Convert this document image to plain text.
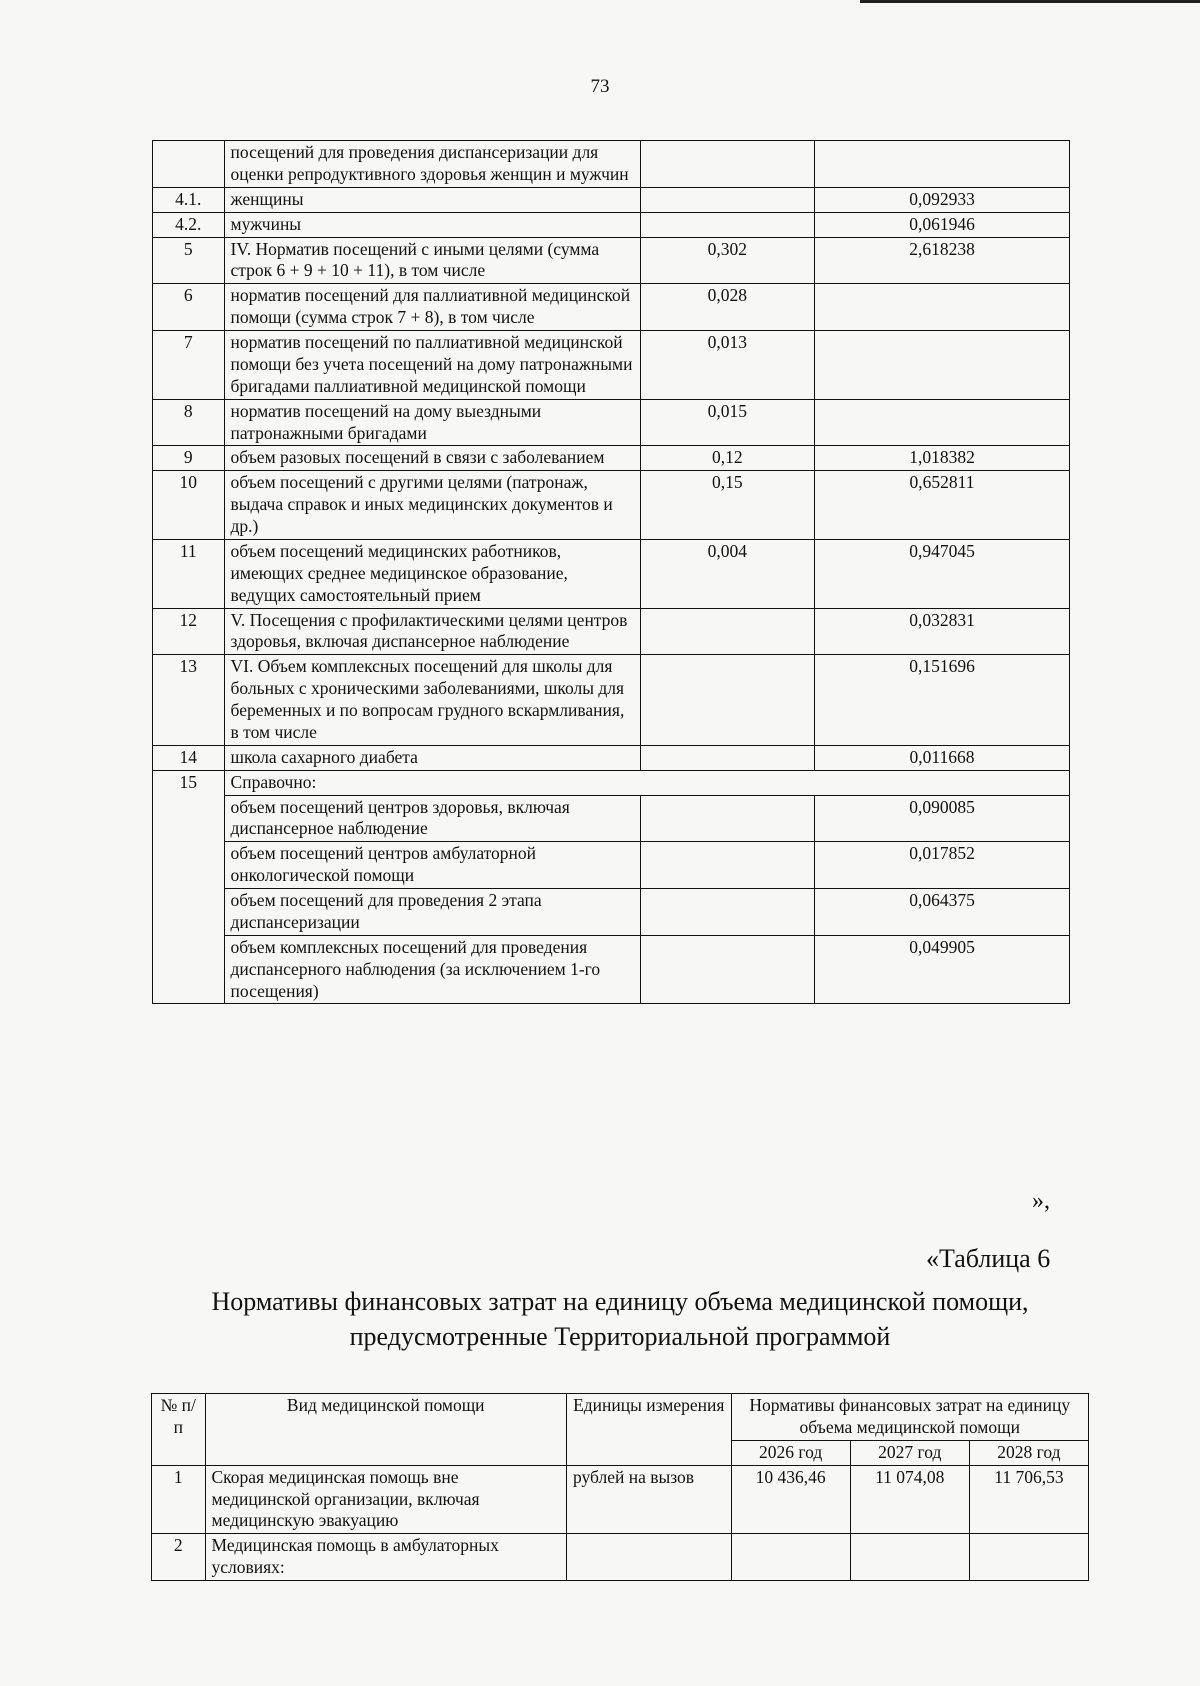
73
	посещений для проведения диспансеризации для оценки репродуктивного здоровья женщин и мужчин		
4.1.	женщины		0,092933
4.2.	мужчины		0,061946
5	IV. Норматив посещений с иными целями (сумма строк 6 + 9 + 10 + 11), в том числе	0,302	2,618238
6	норматив посещений для паллиативной медицинской помощи (сумма строк 7 + 8), в том числе	0,028	
7	норматив посещений по паллиативной медицинской помощи без учета посещений на дому патронажными бригадами паллиативной медицинской помощи	0,013	
8	норматив посещений на дому выездными патронажными бригадами	0,015	
9	объем разовых посещений в связи с заболеванием	0,12	1,018382
10	объем посещений с другими целями (патронаж, выдача справок и иных медицинских документов и др.)	0,15	0,652811
11	объем посещений медицинских работников, имеющих среднее медицинское образование, ведущих самостоятельный прием	0,004	0,947045
12	V. Посещения с профилактическими целями центров здоровья, включая диспансерное наблюдение		0,032831
13	VI. Объем комплексных посещений для школы для больных с хроническими заболеваниями, школы для беременных и по вопросам грудного вскармливания, в том числе		0,151696
14	школа сахарного диабета		0,011668
15	Справочно:		
	объем посещений центров здоровья, включая диспансерное наблюдение		0,090085
	объем посещений центров амбулаторной онкологической помощи		0,017852
	объем посещений для проведения 2 этапа диспансеризации		0,064375
	объем комплексных посещений для проведения диспансерного наблюдения (за исключением 1-го посещения)		0,049905
»,
«Таблица 6
Нормативы финансовых затрат на единицу объема медицинской помощи, предусмотренные Территориальной программой
№ п/п	Вид медицинской помощи	Единицы измерения	Нормативы финансовых затрат на единицу объема медицинской помощи		
			2026 год	2027 год	2028 год
1	Скорая медицинская помощь вне медицинской организации, включая медицинскую эвакуацию	рублей на вызов	10 436,46	11 074,08	11 706,53
2	Медицинская помощь в амбулаторных условиях:				
